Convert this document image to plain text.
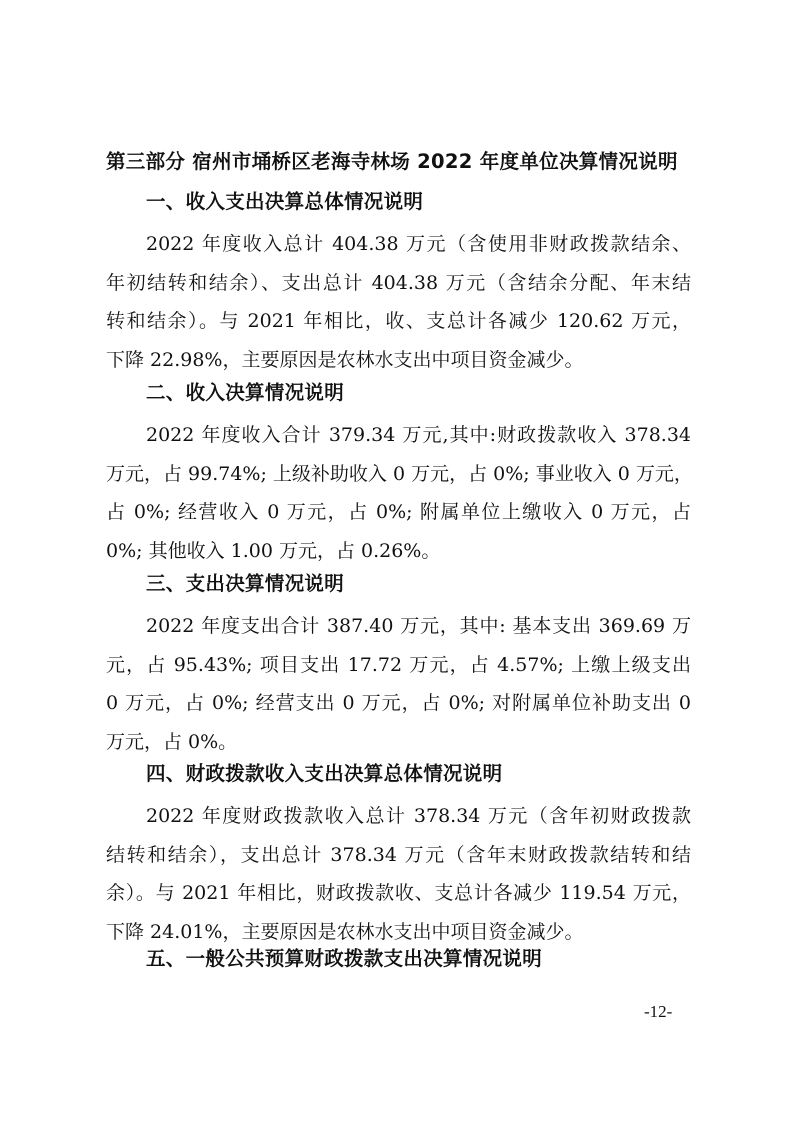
第三部分 宿州市埇桥区老海寺林场 2022 年度单位决算情况说明
一、收入支出决算总体情况说明
2022 年度收入总计 404.38 万元（含使用非财政拨款结余、
年初结转和结余）、支出总计 404.38 万元（含结余分配、年末结
转和结余）。与 2021 年相比，收、支总计各减少 120.62 万元，
下降 22.98%，主要原因是农林水支出中项目资金减少。
二、收入决算情况说明
2022 年度收入合计 379.34 万元,其中:财政拨款收入 378.34
万元，占 99.74%; 上级补助收入 0 万元，占 0%; 事业收入 0 万元，
占 0%; 经营收入 0 万元，占 0%; 附属单位上缴收入 0 万元，占
0%; 其他收入 1.00 万元，占 0.26%。
三、支出决算情况说明
2022 年度支出合计 387.40 万元，其中: 基本支出 369.69 万
元，占 95.43%; 项目支出 17.72 万元，占 4.57%; 上缴上级支出
0 万元，占 0%; 经营支出 0 万元，占 0%; 对附属单位补助支出 0
万元，占 0%。
四、财政拨款收入支出决算总体情况说明
2022 年度财政拨款收入总计 378.34 万元（含年初财政拨款
结转和结余），支出总计 378.34 万元（含年末财政拨款结转和结
余）。与 2021 年相比，财政拨款收、支总计各减少 119.54 万元，
下降 24.01%，主要原因是农林水支出中项目资金减少。
五、一般公共预算财政拨款支出决算情况说明
-12-
